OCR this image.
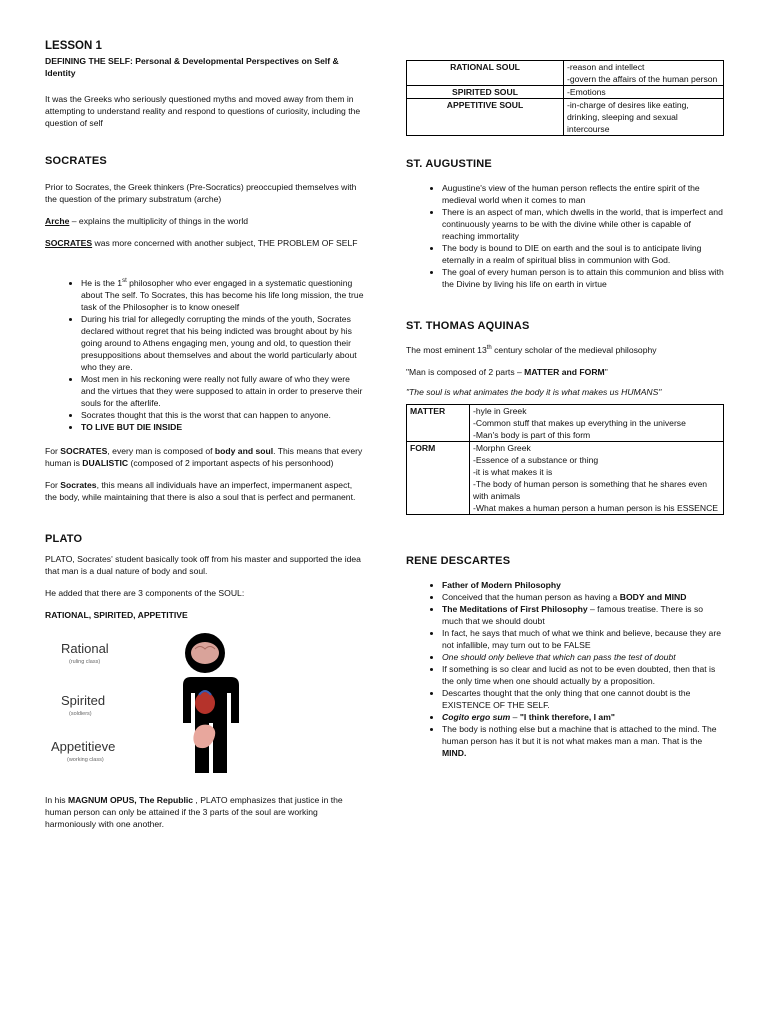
LESSON 1

DEFINING THE SELF: Personal & Developmental Perspectives on Self & Identity

It was the Greeks who seriously questioned myths and moved away from them in attempting to understand reality and respond to questions of curiosity, including the question of self

SOCRATES

Prior to Socrates, the Greek thinkers (Pre-Socratics) preoccupied themselves with the question of the primary substratum (arche)

Arche – explains the multiplicity of things in the world

SOCRATES was more concerned with another subject, THE PROBLEM OF SELF

• He is the 1st philosopher who ever engaged in a systematic questioning about The self. To Socrates, this has become his life long mission, the true task of the Philosopher is to know oneself
• During his trial for allegedly corrupting the minds of the youth, Socrates declared without regret that his being indicted was brought about by his going around to Athens engaging men, young and old, to question their presuppositions about themselves and about the world particularly about who they are.
• Most men in his reckoning were really not fully aware of who they were and the virtues that they were supposed to attain in order to preserve their souls for the afterlife.
• Socrates thought that this is the worst that can happen to anyone.
• TO LIVE BUT DIE INSIDE

For SOCRATES, every man is composed of body and soul. This means that every human is DUALISTIC (composed of 2 important aspects of his personhood)

For Socrates, this means all individuals have an imperfect, impermanent aspect, the body, while maintaining that there is also a soul that is perfect and permanent.

PLATO

PLATO, Socrates' student basically took off from his master and supported the idea that man is a dual nature of body and soul.

He added that there are 3 components of the SOUL:

RATIONAL, SPIRITED, APPETITIVE

Rational
(ruling class)
Spirited
(soldiers)
Appetitieve
(working class)

In his MAGNUM OPUS, The Republic , PLATO emphasizes that justice in the human person can only be attained if the 3 parts of the soul are working harmoniously with one another.

RATIONAL SOUL	-reason and intellect
-govern the affairs of the human person
SPIRITED SOUL	-Emotions
APPETITIVE SOUL	-in-charge of desires like eating, drinking, sleeping and sexual intercourse
ST. AUGUSTINE
• Augustine's view of the human person reflects the entire spirit of the medieval world when it comes to man
• There is an aspect of man, which dwells in the world, that is imperfect and continuously yearns to be with the divine while other is capable of reaching immortality
• The body is bound to DIE on earth and the soul is to anticipate living eternally in a realm of spiritual bliss in communion with God.
• The goal of every human person is to attain this communion and bliss with the Divine by living his life on earth in virtue
ST. THOMAS AQUINAS

The most eminent 13th century scholar of the medieval philosophy

"Man is composed of 2 parts – MATTER and FORM"

"The soul is what animates the body it is what makes us HUMANS"

MATTER	-hyle in Greek
-Common stuff that makes up everything in the universe
-Man's body is part of this form
FORM	-Morphn Greek
-Essence of a substance or thing
-it is what makes it is
-The body of human person is something that he shares even with animals
-What makes a human person a human person is his ESSENCE
RENE DESCARTES
• Father of Modern Philosophy
• Conceived that the human person as having a BODY and MIND
• The Meditations of First Philosophy – famous treatise. There is so much that we should doubt
• In fact, he says that much of what we think and believe, because they are not infallible, may turn out to be FALSE
• One should only believe that which can pass the test of doubt
• If something is so clear and lucid as not to be even doubted, then that is the only time when one should actually by a proposition.
• Descartes thought that the only thing that one cannot doubt is the EXISTENCE OF THE SELF.
• Cogito ergo sum – "I think therefore, I am"
• The body is nothing else but a machine that is attached to the mind. The human person has it but it is not what makes man a man. That is the MIND.
